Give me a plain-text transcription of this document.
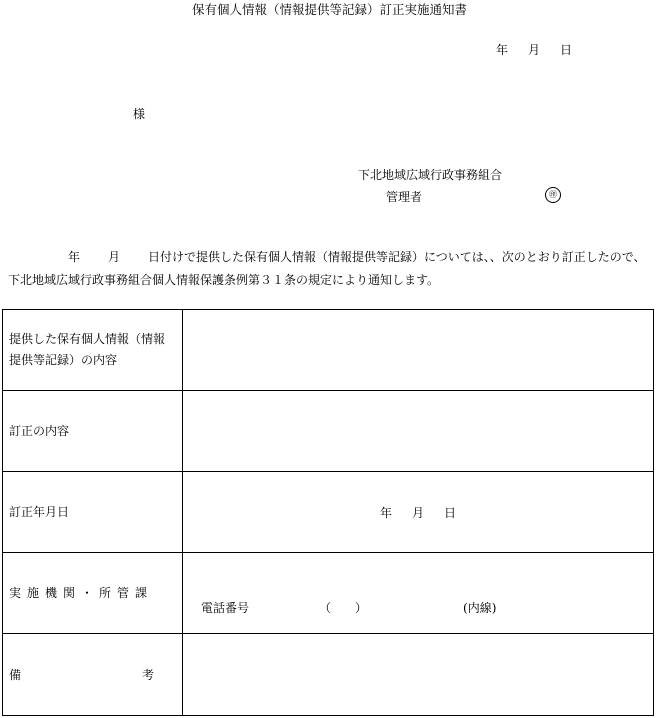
保有個人情報（情報提供等記録）訂正実施通知書
年 月 日
様
下北地域広域行政事務組合
管理者	㊞
年 月 日付けで提供した保有個人情報（情報提供等記録）については、、次のとおり訂正したので、
下北地域広域行政事務組合個人情報保護条例第３１条の規定により通知します。
提供した保有個人情報（情報
提供等記録）の内容	

訂正の内容	
訂正年月日	年 月 日
実施機関・所管課	電話番号 （ ） (内線)

備 考	
